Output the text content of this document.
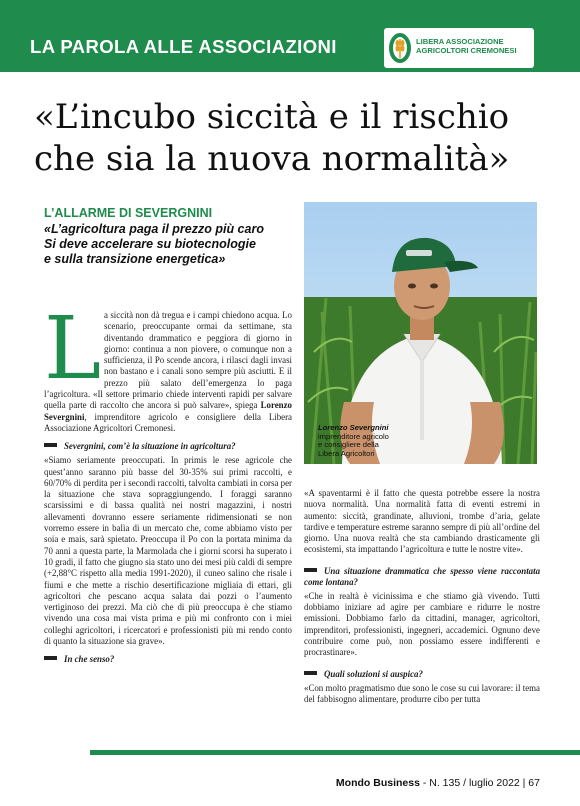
LA PAROLA ALLE ASSOCIAZIONI	LIBERA ASSOCIAZIONE
AGRICOLTORI CREMONESI
«L’incubo siccità e il rischio
che sia la nuova normalità»
L’ALLARME DI SEVERGNINI
«L’agricoltura paga il prezzo più caro
Si deve accelerare su biotecnologie
e sulla transizione energetica»
Lorenzo Severgnini
imprenditore agricolo
e consigliere della
Libera Agricoltori

La siccità non dà tregua e i campi chiedono acqua. Lo scenario, preoccupante ormai da settimane, sta diventando drammatico e peggiora di giorno in giorno: continua a non piovere, o comunque non a sufficienza, il Po scende ancora, i rilasci dagli invasi non bastano e i canali sono sempre più asciutti. E il prezzo più salato dell’emergenza lo paga l’agricoltura. «Il settore primario chiede interventi rapidi per salvare quella parte di raccolto che ancora si può salvare», spiega Lorenzo Severgnini, imprenditore agricolo e consigliere della Libera Associazione Agricoltori Cremonesi.

Severgnini, com’è la situazione in agricoltura?

«Siamo seriamente preoccupati. In primis le rese agricole che quest’anno saranno più basse del 30-35% sui primi raccolti, e 60/70% di perdita per i secondi raccolti, talvolta cambiati in corsa per la situazione che stava sopraggiungendo. I foraggi saranno scarsissimi e di bassa qualità nei nostri magazzini, i nostri allevamenti dovranno essere seriamente ridimensionati se non vorremo essere in balìa di un mercato che, come abbiamo visto per soia e mais, sarà spietato. Preoccupa il Po con la portata minima da 70 anni a questa parte, la Marmolada che i giorni scorsi ha superato i 10 gradi, il fatto che giugno sia stato uno dei mesi più caldi di sempre (+2,88°C rispetto alla media 1991-2020), il cuneo salino che risale i fiumi e che mette a rischio desertificazione migliaia di ettari, gli agricoltori che pescano acqua salata dai pozzi o l’aumento vertiginoso dei prezzi. Ma ciò che di più preoccupa è che stiamo vivendo una cosa mai vista prima e più mi confronto con i miei colleghi agricoltori, i ricercatori e professionisti più mi rendo conto di quanto la situazione sia grave».

In che senso?

«A spaventarmi è il fatto che questa potrebbe essere la nostra nuova normalità. Una normalità fatta di eventi estremi in aumento: siccità, grandinate, alluvioni, trombe d’aria, gelate tardive e temperature estreme saranno sempre di più all’ordine del giorno. Una nuova realtà che sta cambiando drasticamente gli ecosistemi, sta impattando l’agricoltura e tutte le nostre vite».

Una situazione drammatica che spesso viene raccontata come lontana?

«Che in realtà è vicinissima e che stiamo già vivendo. Tutti dobbiamo iniziare ad agire per cambiare e ridurre le nostre emissioni. Dobbiamo farlo da cittadini, manager, agricoltori, imprenditori, professionisti, ingegneri, accademici. Ognuno deve contribuire come può, non possiamo essere indifferenti e procrastinare».

Quali soluzioni si auspica?

«Con molto pragmatismo due sono le cose su cui lavorare: il tema del fabbisogno alimentare, produrre cibo per tutta

Mondo Business - N. 135 / luglio 2022 | 67
